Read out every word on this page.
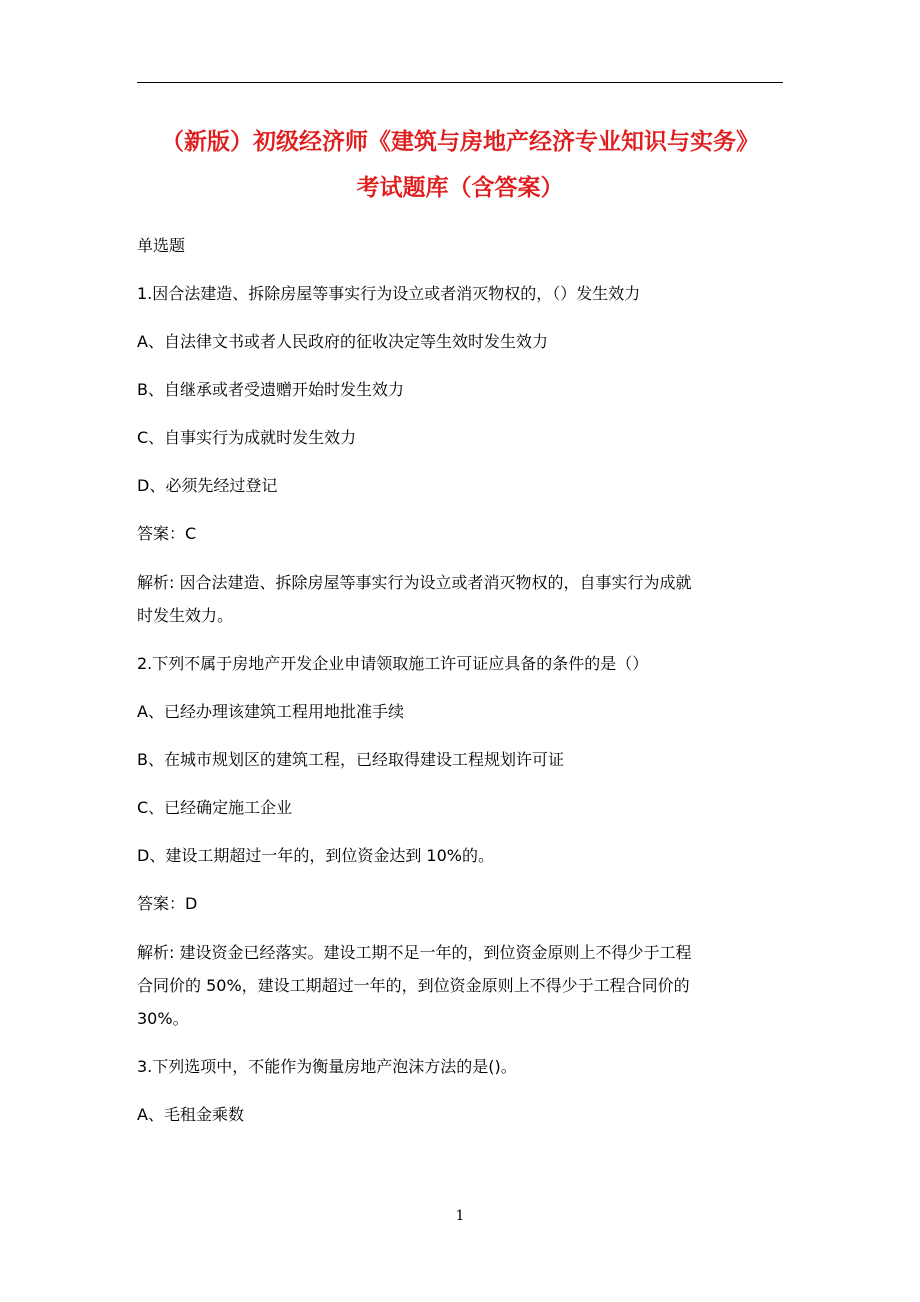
（新版）初级经济师《建筑与房地产经济专业知识与实务》
考试题库（含答案）
单选题
1.因合法建造、拆除房屋等事实行为设立或者消灭物权的，（）发生效力
A、自法律文书或者人民政府的征收决定等生效时发生效力
B、自继承或者受遗赠开始时发生效力
C、自事实行为成就时发生效力
D、必须先经过登记
答案：C

解析: 因合法建造、拆除房屋等事实行为设立或者消灭物权的，自事实行为成就

时发生效力。

2.下列不属于房地产开发企业申请领取施工许可证应具备的条件的是（）
A、已经办理该建筑工程用地批准手续
B、在城市规划区的建筑工程，已经取得建设工程规划许可证
C、已经确定施工企业
D、建设工期超过一年的，到位资金达到 10%的。
答案：D

解析: 建设资金已经落实。建设工期不足一年的，到位资金原则上不得少于工程

合同价的 50%，建设工期超过一年的，到位资金原则上不得少于工程合同价的

30%。

3.下列选项中，不能作为衡量房地产泡沫方法的是()。
A、毛租金乘数
1
